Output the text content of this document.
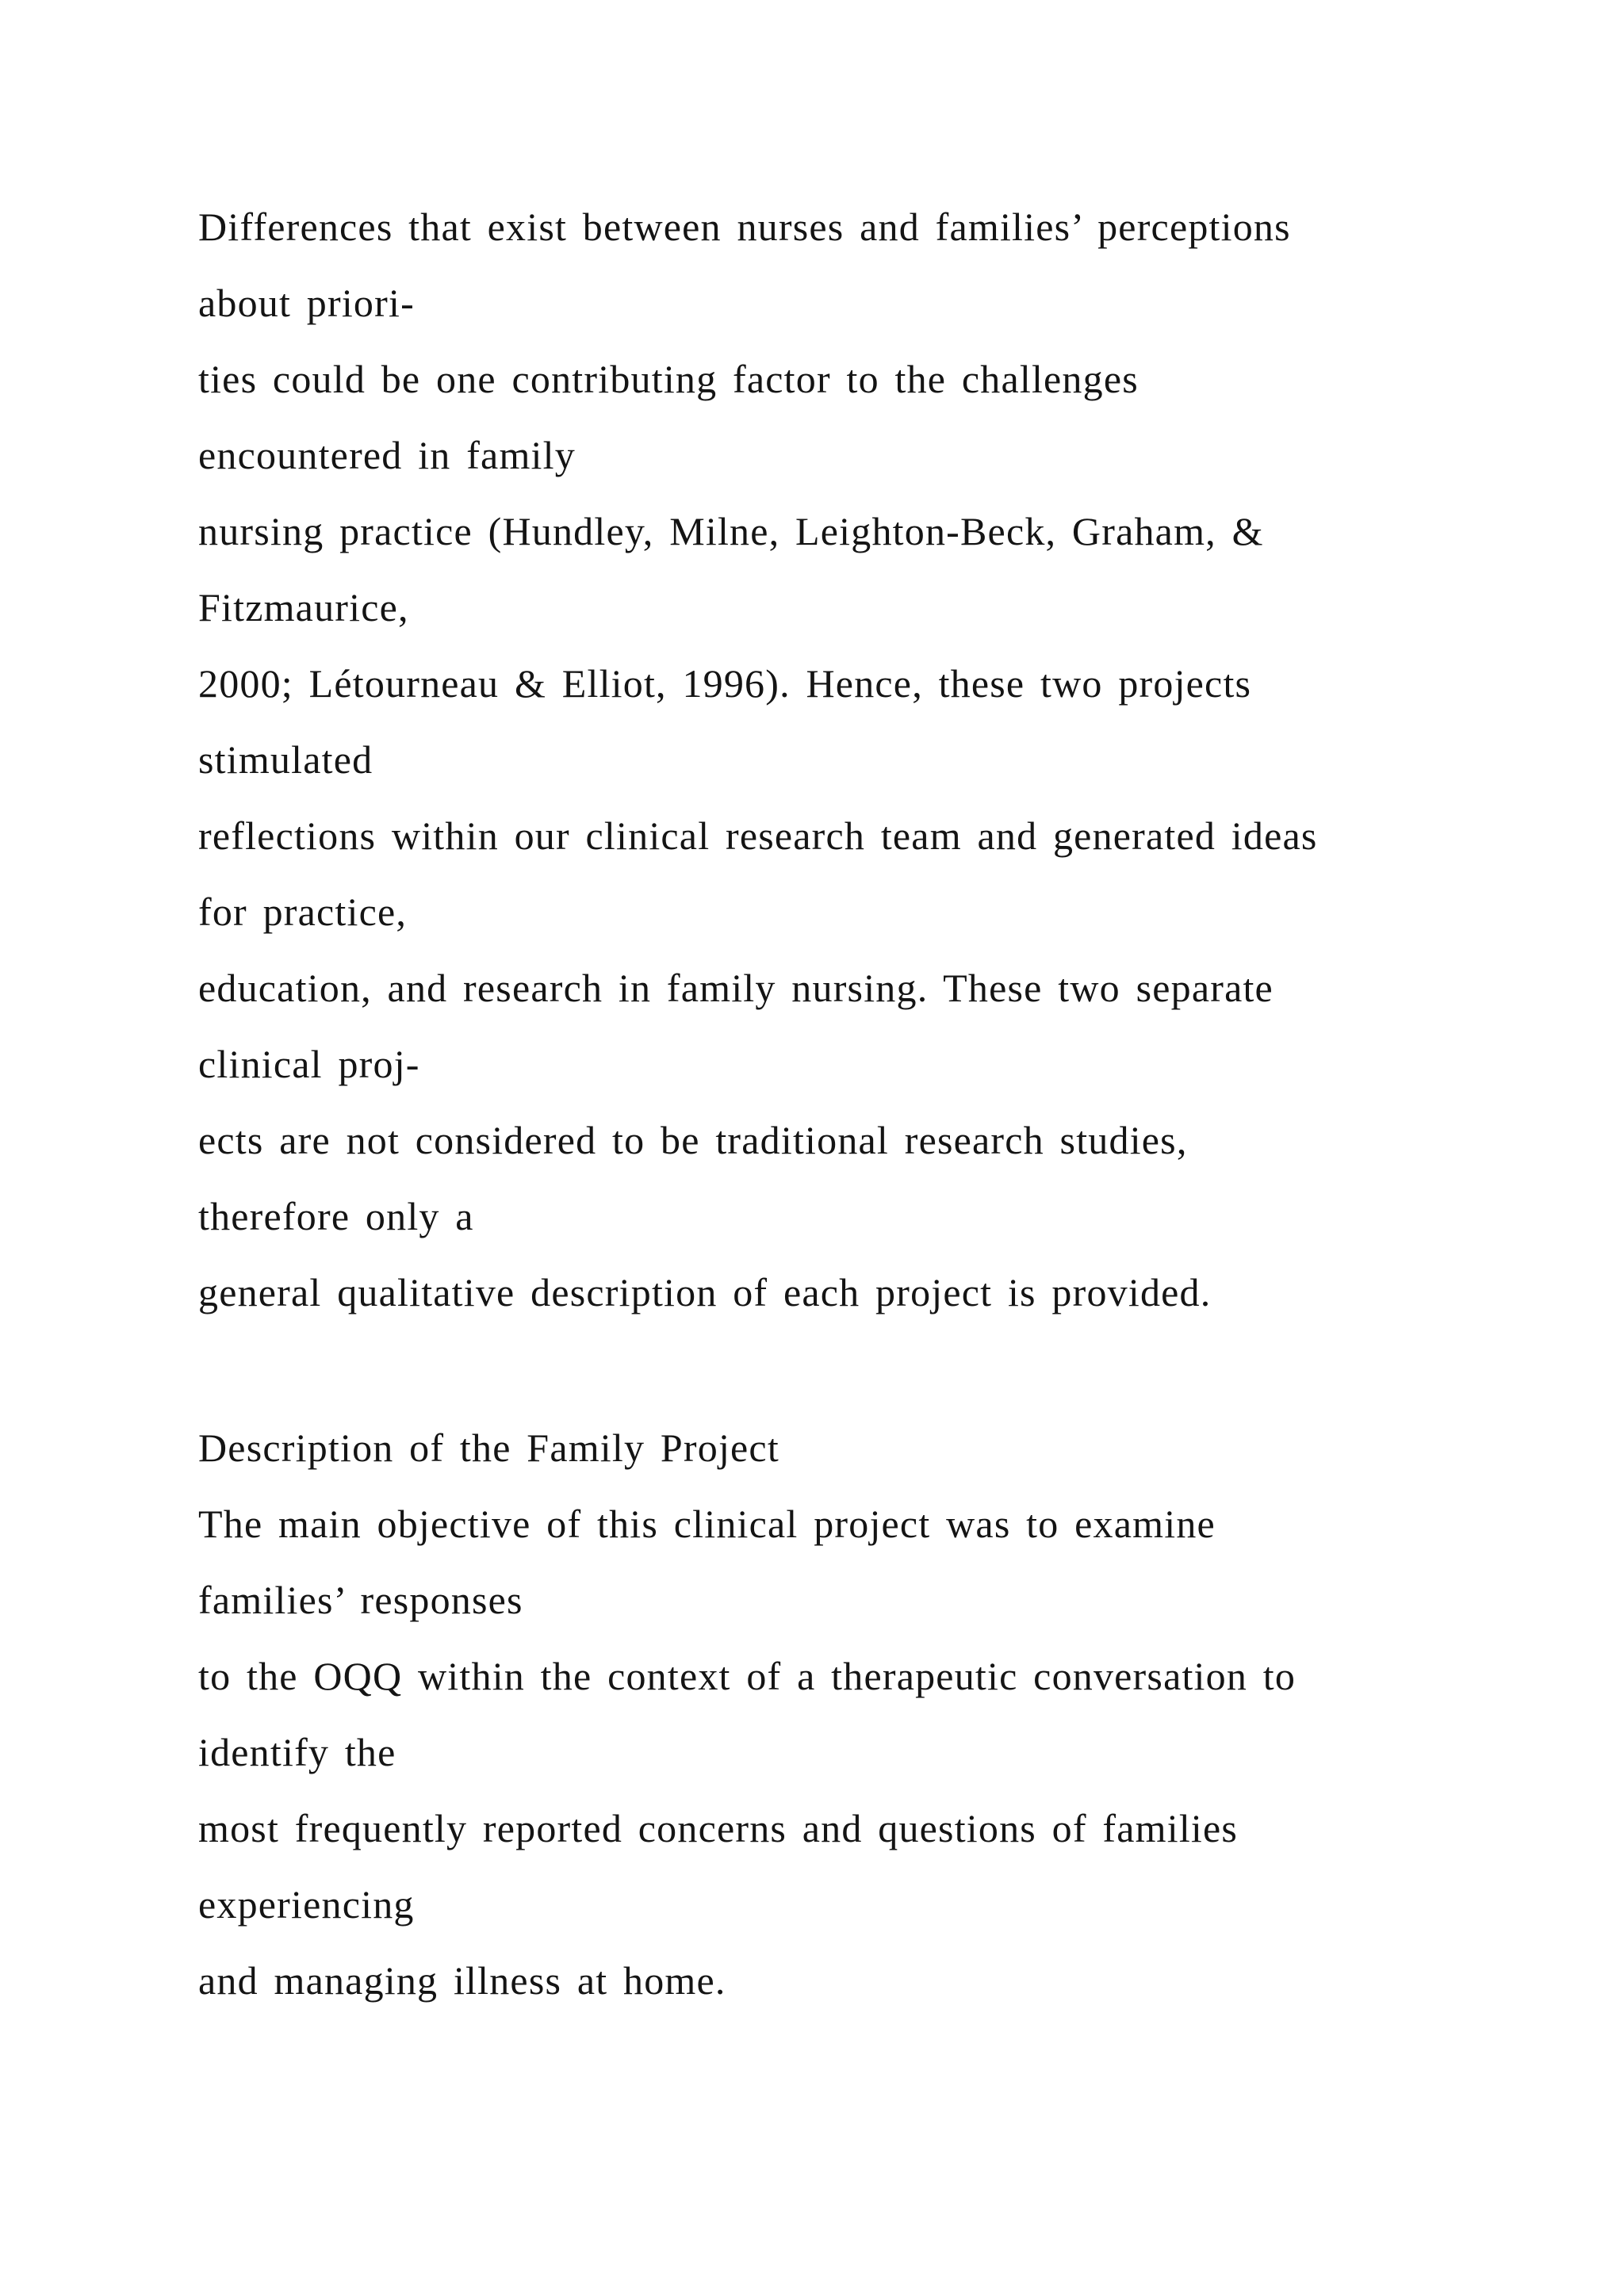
Differences that exist between nurses and families’ perceptions
about priori-
ties could be one contributing factor to the challenges
encountered in family
nursing practice (Hundley, Milne, Leighton-Beck, Graham, &
Fitzmaurice,
2000; Létourneau & Elliot, 1996). Hence, these two projects
stimulated
reflections within our clinical research team and generated ideas
for practice,
education, and research in family nursing. These two separate
clinical proj-
ects are not considered to be traditional research studies,
therefore only a
general qualitative description of each project is provided.
Description of the Family Project
The main objective of this clinical project was to examine
families’ responses
to the OQQ within the context of a therapeutic conversation to
identify the
most frequently reported concerns and questions of families
experiencing
and managing illness at home.
